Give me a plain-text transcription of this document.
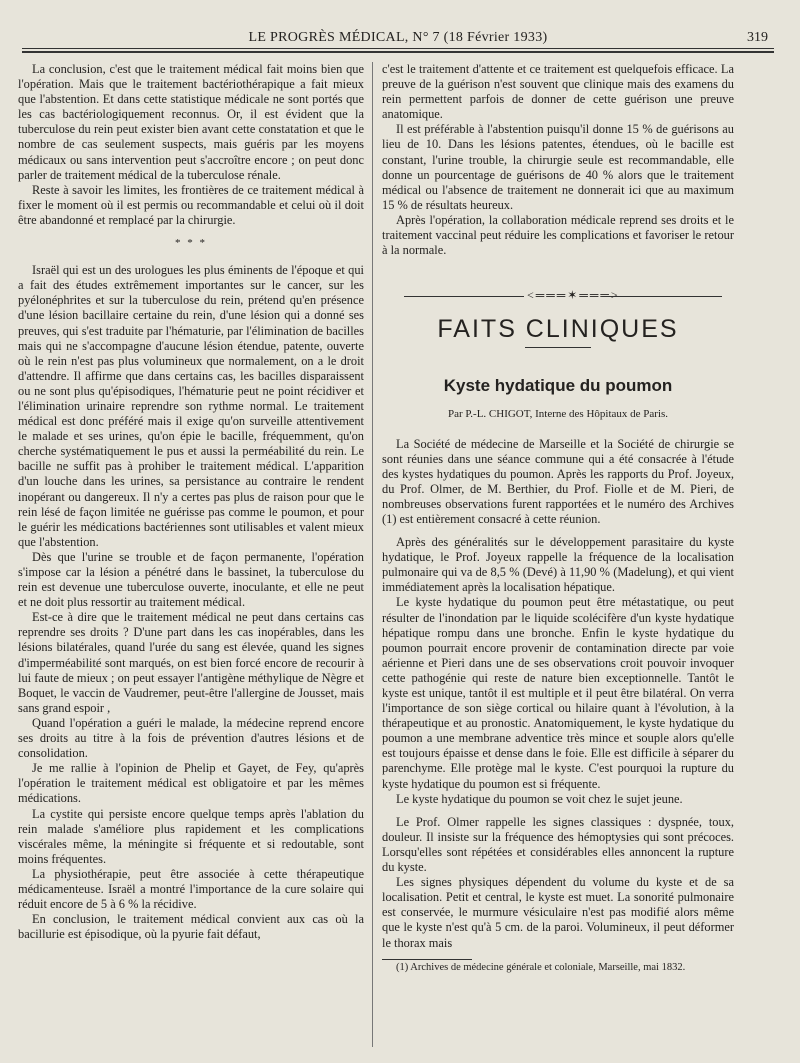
LE PROGRÈS MÉDICAL, N° 7 (18 Février 1933)	319

La conclusion, c'est que le traitement médical fait moins bien que l'opération. Mais que le traitement bactériothérapique a fait mieux que l'abstention. Et dans cette statistique médicale ne sont portés que les cas bactériologiquement reconnus. Or, il est évident que la tuberculose du rein peut exister bien avant cette constatation et que le nombre de cas seulement suspects, mais guéris par les moyens médicaux ou sans intervention peut s'accroître encore ; on peut donc parler de traitement médical de la tuberculose rénale.

Reste à savoir les limites, les frontières de ce traitement médical à fixer le moment où il est permis ou recommandable et celui où il doit être abandonné et remplacé par la chirurgie.

* * *

Israël qui est un des urologues les plus éminents de l'époque et qui a fait des études extrêmement importantes sur le cancer, sur les pyélonéphrites et sur la tuberculose du rein, prétend qu'en présence d'une lésion bacillaire certaine du rein, d'une lésion qui a donné ses preuves, qui s'est traduite par l'hématurie, par l'élimination de bacilles mais qui ne s'accompagne d'aucune lésion étendue, patente, ouverte où le rein n'est pas plus volumineux que normalement, on a le droit d'attendre. Il affirme que dans certains cas, les bacilles disparaissent ou ne sont plus qu'épisodiques, l'hématurie peut ne point récidiver et l'élimination urinaire reprendre son rythme normal. Le traitement médical est donc préféré mais il exige qu'on surveille attentivement le malade et ses urines, qu'on épie le bacille, fréquemment, qu'on cherche systématiquement le pus et aussi la perméabilité du rein. Le bacille ne suffit pas à prohiber le traitement médical. L'apparition d'un louche dans les urines, sa persistance au contraire le rendent inopérant ou dangereux. Il n'y a certes pas plus de raison pour que le rein lésé de façon limitée ne guérisse pas comme le poumon, et pour le guérir les médications bactériennes sont utilisables et valent mieux que l'abstention.

Dès que l'urine se trouble et de façon permanente, l'opération s'impose car la lésion a pénétré dans le bassinet, la tuberculose du rein est devenue une tuberculose ouverte, inoculante, et elle ne peut et ne doit plus ressortir au traitement médical.

Est-ce à dire que le traitement médical ne peut dans certains cas reprendre ses droits ? D'une part dans les cas inopérables, dans les lésions bilatérales, quand l'urée du sang est élevée, quand les signes d'imperméabilité sont marqués, on est bien forcé encore de recourir à lui faute de mieux ; on peut essayer l'antigène méthylique de Nègre et Boquet, le vaccin de Vaudremer, peut-être l'allergine de Jousset, mais sans grand espoir ,

Quand l'opération a guéri le malade, la médecine reprend encore ses droits au titre à la fois de prévention d'autres lésions et de consolidation.

Je me rallie à l'opinion de Phelip et Gayet, de Fey, qu'après l'opération le traitement médical est obligatoire et par les mêmes médications.

La cystite qui persiste encore quelque temps après l'ablation du rein malade s'améliore plus rapidement et les complications viscérales même, la méningite si fréquente et si redoutable, sont moins fréquentes.

La physiothérapie, peut être associée à cette thérapeutique médicamenteuse. Israël a montré l'importance de la cure solaire qui réduit encore de 5 à 6 % la récidive.

En conclusion, le traitement médical convient aux cas où la bacillurie est épisodique, où la pyurie fait défaut,

c'est le traitement d'attente et ce traitement est quelquefois efficace. La preuve de la guérison n'est souvent que clinique mais des examens du rein permettent parfois de donner de cette guérison une preuve anatomique.

Il est préférable à l'abstention puisqu'il donne 15 % de guérisons au lieu de 10. Dans les lésions patentes, étendues, où le bacille est constant, l'urine trouble, la chirurgie seule est recommandable, elle donne un pourcentage de guérisons de 40 % alors que le traitement médical ou l'absence de traitement ne donnerait ici que au maximum 15 % de résultats heureux.

Après l'opération, la collaboration médicale reprend ses droits et le traitement vaccinal peut réduire les complications et favoriser le retour à la normale.

<═══✶═══>
FAITS CLINIQUES
Kyste hydatique du poumon
Par P.-L. CHIGOT, Interne des Hôpitaux de Paris.

La Société de médecine de Marseille et la Société de chirurgie se sont réunies dans une séance commune qui a été consacrée à l'étude des kystes hydatiques du poumon. Après les rapports du Prof. Joyeux, du Prof. Olmer, de M. Berthier, du Prof. Fiolle et de M. Pieri, de nombreuses observations furent rapportées et le numéro des Archives (1) est entièrement consacré à cette réunion.

Après des généralités sur le développement parasitaire du kyste hydatique, le Prof. Joyeux rappelle la fréquence de la localisation pulmonaire qui va de 8,5 % (Devé) à 11,90 % (Madelung), et qui vient immédiatement après la localisation hépatique.

Le kyste hydatique du poumon peut être métastatique, ou peut résulter de l'inondation par le liquide scolécifère d'un kyste hydatique hépatique rompu dans une bronche. Enfin le kyste hydatique du poumon pourrait encore provenir de contamination directe par voie aérienne et Pieri dans une de ses observations croit pouvoir invoquer cette pathogénie qui reste de nature bien exceptionnelle. Tantôt le kyste est unique, tantôt il est multiple et il peut être bilatéral. On verra l'importance de son siège cortical ou hilaire quant à l'évolution, à la thérapeutique et au pronostic. Anatomiquement, le kyste hydatique du poumon a une membrane adventice très mince et souple alors qu'elle est toujours épaisse et dense dans le foie. Elle est difficile à séparer du parenchyme. Elle protège mal le kyste. C'est pourquoi la rupture du kyste hydatique du poumon est si fréquente.

Le kyste hydatique du poumon se voit chez le sujet jeune.

Le Prof. Olmer rappelle les signes classiques : dyspnée, toux, douleur. Il insiste sur la fréquence des hémoptysies qui sont précoces. Lorsqu'elles sont répétées et considérables elles annoncent la rupture du kyste.

Les signes physiques dépendent du volume du kyste et de sa localisation. Petit et central, le kyste est muet. La sonorité pulmonaire est conservée, le murmure vésiculaire n'est pas modifié alors même que le kyste n'est qu'à 5 cm. de la paroi. Volumineux, il peut déformer le thorax mais

(1) Archives de médecine générale et coloniale, Marseille, mai 1832.
